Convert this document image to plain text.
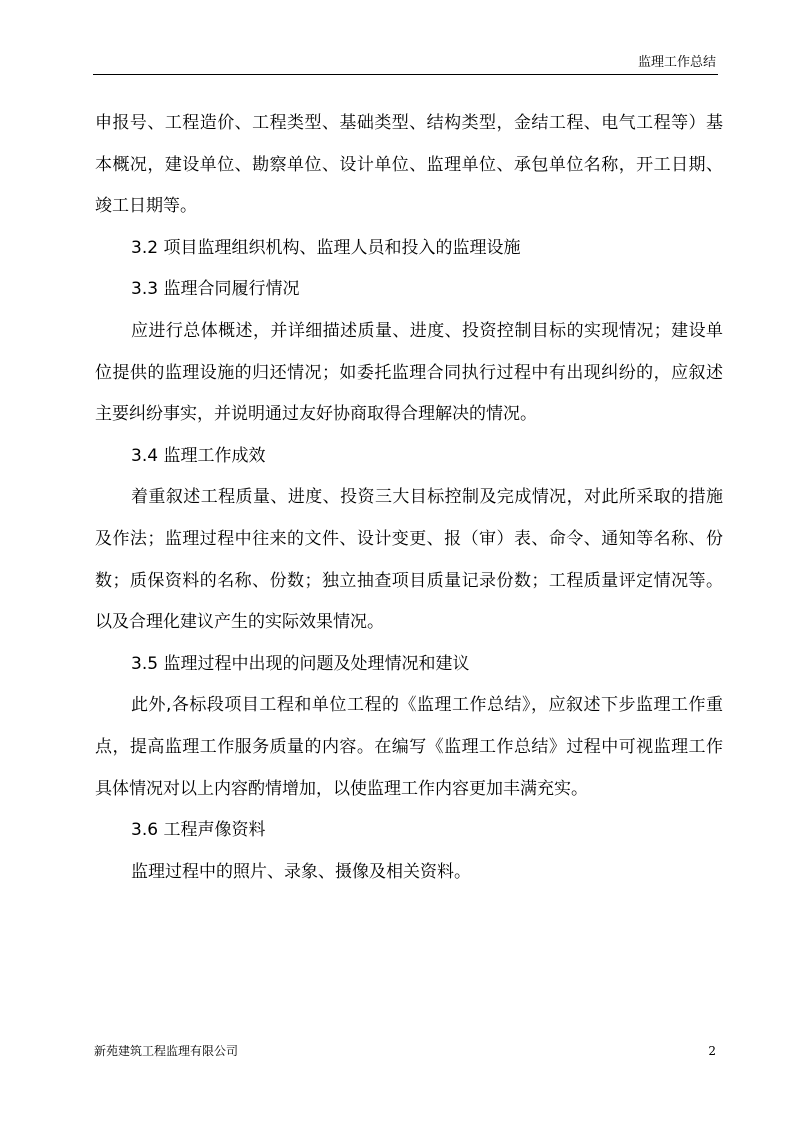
监理工作总结

申报号、工程造价、工程类型、基础类型、结构类型，金结工程、电气工程等）基本概况，建设单位、勘察单位、设计单位、监理单位、承包单位名称，开工日期、竣工日期等。

3.2 项目监理组织机构、监理人员和投入的监理设施

3.3 监理合同履行情况

应进行总体概述，并详细描述质量、进度、投资控制目标的实现情况；建设单位提供的监理设施的归还情况；如委托监理合同执行过程中有出现纠纷的，应叙述主要纠纷事实，并说明通过友好协商取得合理解决的情况。

3.4 监理工作成效

着重叙述工程质量、进度、投资三大目标控制及完成情况，对此所采取的措施及作法；监理过程中往来的文件、设计变更、报（审）表、命令、通知等名称、份数；质保资料的名称、份数；独立抽查项目质量记录份数；工程质量评定情况等。以及合理化建议产生的实际效果情况。

3.5 监理过程中出现的问题及处理情况和建议

此外,各标段项目工程和单位工程的《监理工作总结》，应叙述下步监理工作重点，提高监理工作服务质量的内容。在编写《监理工作总结》过程中可视监理工作具体情况对以上内容酌情增加，以使监理工作内容更加丰满充实。

3.6 工程声像资料

监理过程中的照片、录象、摄像及相关资料。

新苑建筑工程监理有限公司	2
